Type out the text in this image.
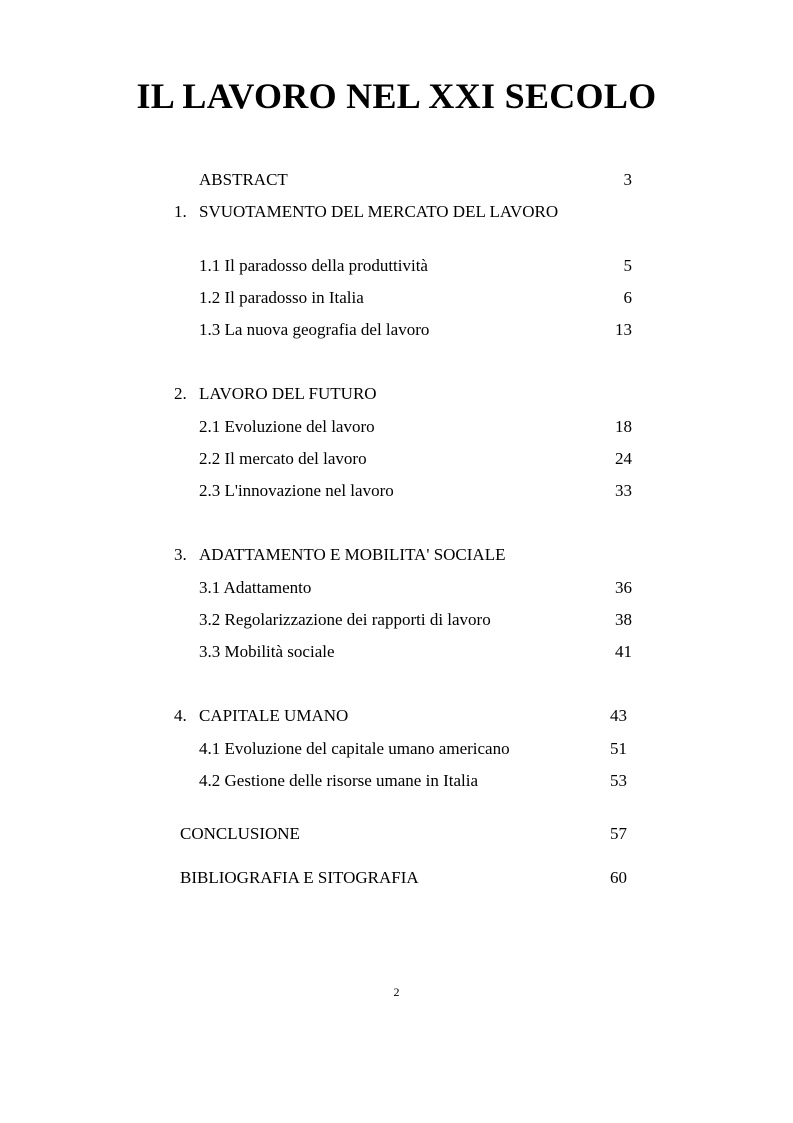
IL LAVORO NEL XXI SECOLO
ABSTRACT	3
1. SVUOTAMENTO DEL MERCATO DEL LAVORO
1.1 Il paradosso della produttività	5
1.2 Il paradosso in Italia	6
1.3 La nuova geografia del lavoro	13
2. LAVORO DEL FUTURO
2.1 Evoluzione del lavoro	18
2.2 Il mercato del lavoro	24
2.3 L'innovazione nel lavoro	33
3. ADATTAMENTO E MOBILITA' SOCIALE
3.1 Adattamento	36
3.2 Regolarizzazione dei rapporti di lavoro	38
3.3 Mobilità sociale	41
4. CAPITALE UMANO	43
4.1 Evoluzione del capitale umano americano	51
4.2 Gestione delle risorse umane in Italia	53
CONCLUSIONE	57
BIBLIOGRAFIA E SITOGRAFIA	60
2
